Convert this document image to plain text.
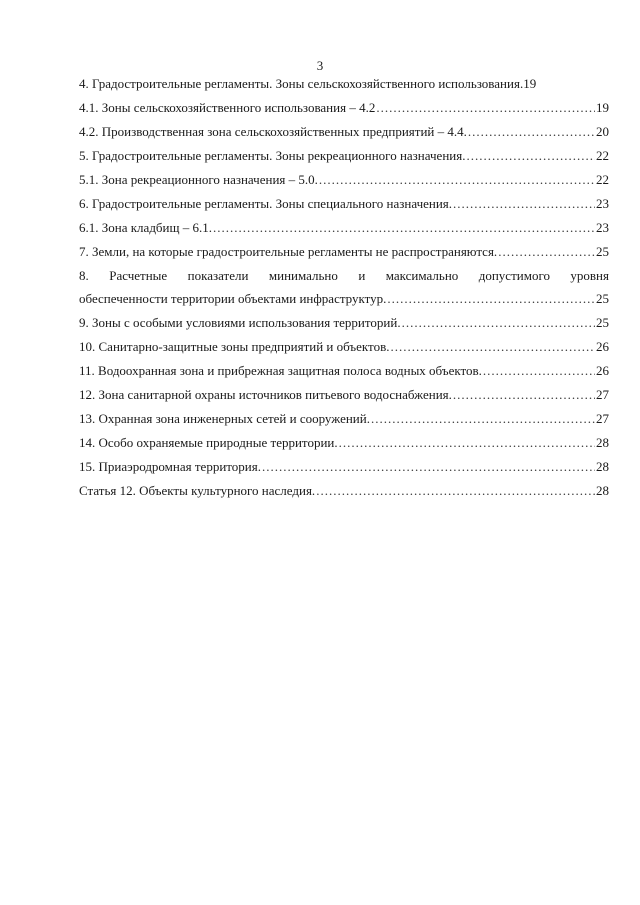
3
4. Градостроительные регламенты. Зоны сельскохозяйственного использования. 19
4.1. Зоны сельскохозяйственного использования – 4.2 .....	19
4.2. Производственная зона сельскохозяйственных предприятий – 4.4. .....	20
5. Градостроительные регламенты. Зоны рекреационного назначения. .....	22
5.1. Зона рекреационного назначения – 5.0. .....	22
6. Градостроительные регламенты. Зоны специального назначения. .....	23
6.1. Зона кладбищ – 6.1. .....	23
7. Земли, на которые градостроительные регламенты не распространяются. .....	25
8. Расчетные показатели минимально и максимально допустимого уровня
обеспеченности территории объектами инфраструктур. .....	25
9. Зоны с особыми условиями использования территорий. .....	25
10. Санитарно-защитные зоны предприятий и объектов. .....	26
11. Водоохранная зона и прибрежная защитная полоса водных объектов. .....	26
12. Зона санитарной охраны источников питьевого водоснабжения. .....	27
13. Охранная зона инженерных сетей и сооружений. .....	27
14. Особо охраняемые природные территории. .....	28
15. Приаэродромная территория. .....	28
Статья 12. Объекты культурного наследия. .....	28
